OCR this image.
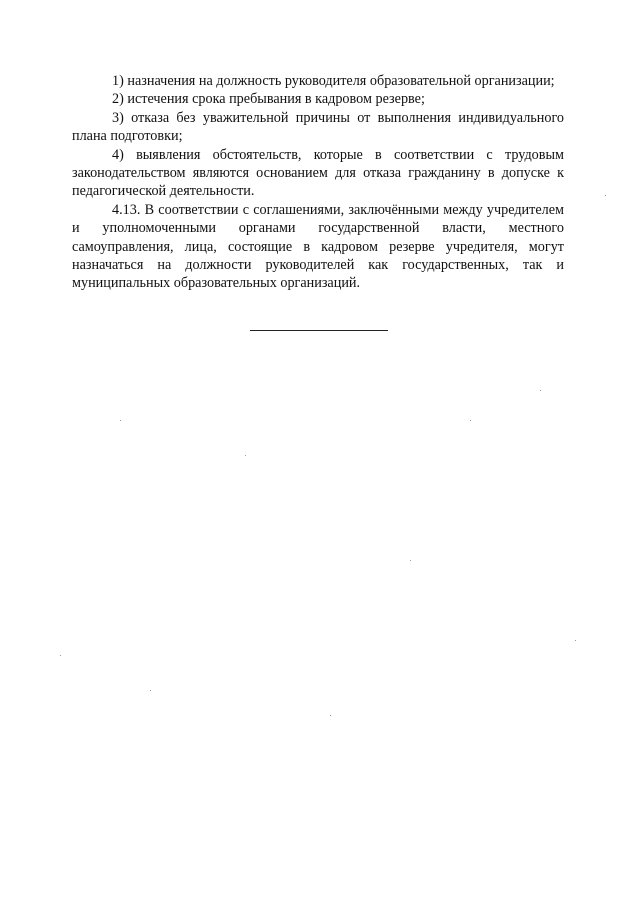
1) назначения на должность руководителя образовательной организации;

2) истечения срока пребывания в кадровом резерве;

3) отказа без уважительной причины от выполнения индивидуального плана подготовки;

4) выявления обстоятельств, которые в соответствии с трудовым законодательством являются основанием для отказа гражданину в допуске к педагогической деятельности.

4.13. В соответствии с соглашениями, заключёнными между учредителем и уполномоченными органами государственной власти, местного самоуправления, лица, состоящие в кадровом резерве учредителя, могут назначаться на должности руководителей как государственных, так и муниципальных образовательных организаций.
